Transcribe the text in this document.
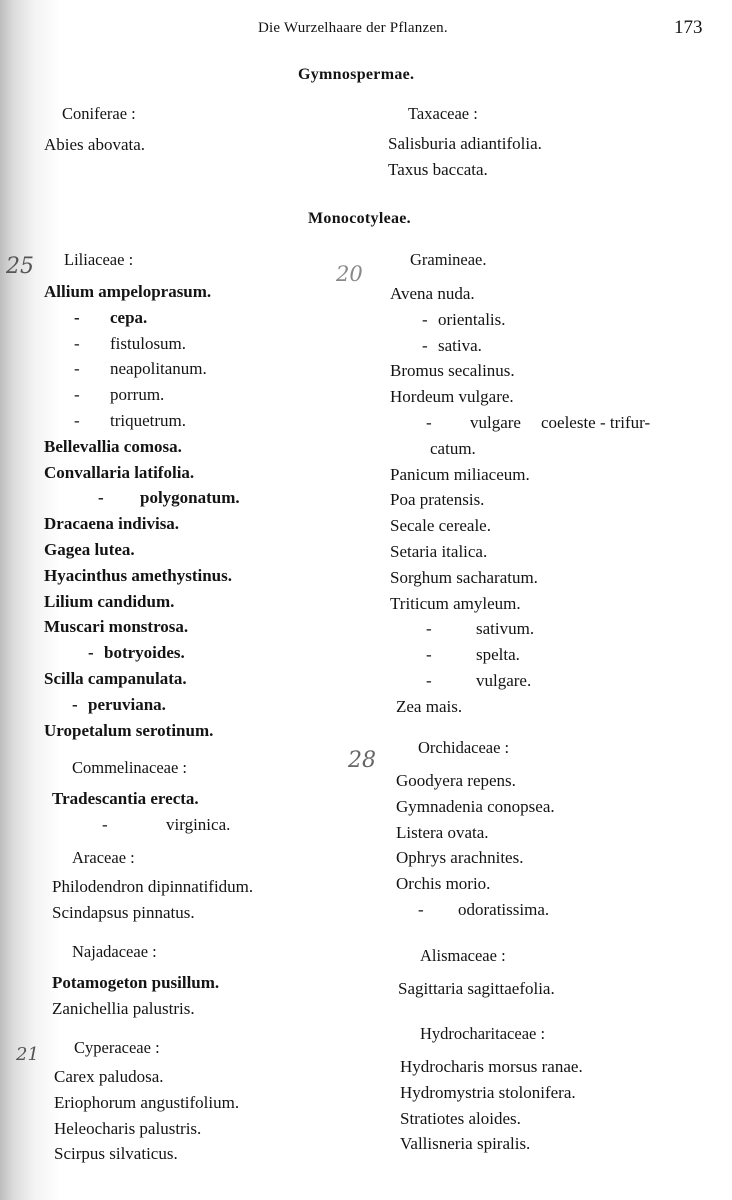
Die Wurzelhaare der Pflanzen.	173
Gymnospermae.
Coniferae :
Abies abovata.
Taxaceae :
Salisburia adiantifolia.
Taxus baccata.
Monocotyleae.
Liliaceae :
Allium ampeloprasum.
- cepa.
- fistulosum.
- neapolitanum.
- porrum.
- triquetrum.
Bellevallia comosa.
Convallaria latifolia.
- polygonatum.
Dracaena indivisa.
Gagea lutea.
Hyacinthus amethystinus.
Lilium candidum.
Muscari monstrosa.
- botryoides.
Scilla campanulata.
- peruviana.
Uropetalum serotinum.
Commelinaceae :
Tradescantia erecta.
-	virginica.
Araceae :
Philodendron dipinnatifidum.
Scindapsus pinnatus.
Najadaceae :
Potamogeton pusillum.
Zanichellia palustris.
Cyperaceae :
Carex paludosa.
Eriophorum angustifolium.
Heleocharis palustris.
Scirpus silvaticus.
Gramineae.
Avena nuda.
- orientalis.
- sativa.
Bromus secalinus.
Hordeum vulgare.
- vulgare coeleste - trifur-
catum.
Panicum miliaceum.
Poa pratensis.
Secale cereale.
Setaria italica.
Sorghum sacharatum.
Triticum amyleum.
-	sativum.
-	spelta.
-	vulgare.
Zea mais.
Orchidaceae :
Goodyera repens.
Gymnadenia conopsea.
Listera ovata.
Ophrys arachnites.
Orchis morio.
- odoratissima.
Alismaceae :
Sagittaria sagittaefolia.
Hydrocharitaceae :
Hydrocharis morsus ranae.
Hydromystria stolonifera.
Stratiotes aloides.
Vallisneria spiralis.
25	20
28
21
